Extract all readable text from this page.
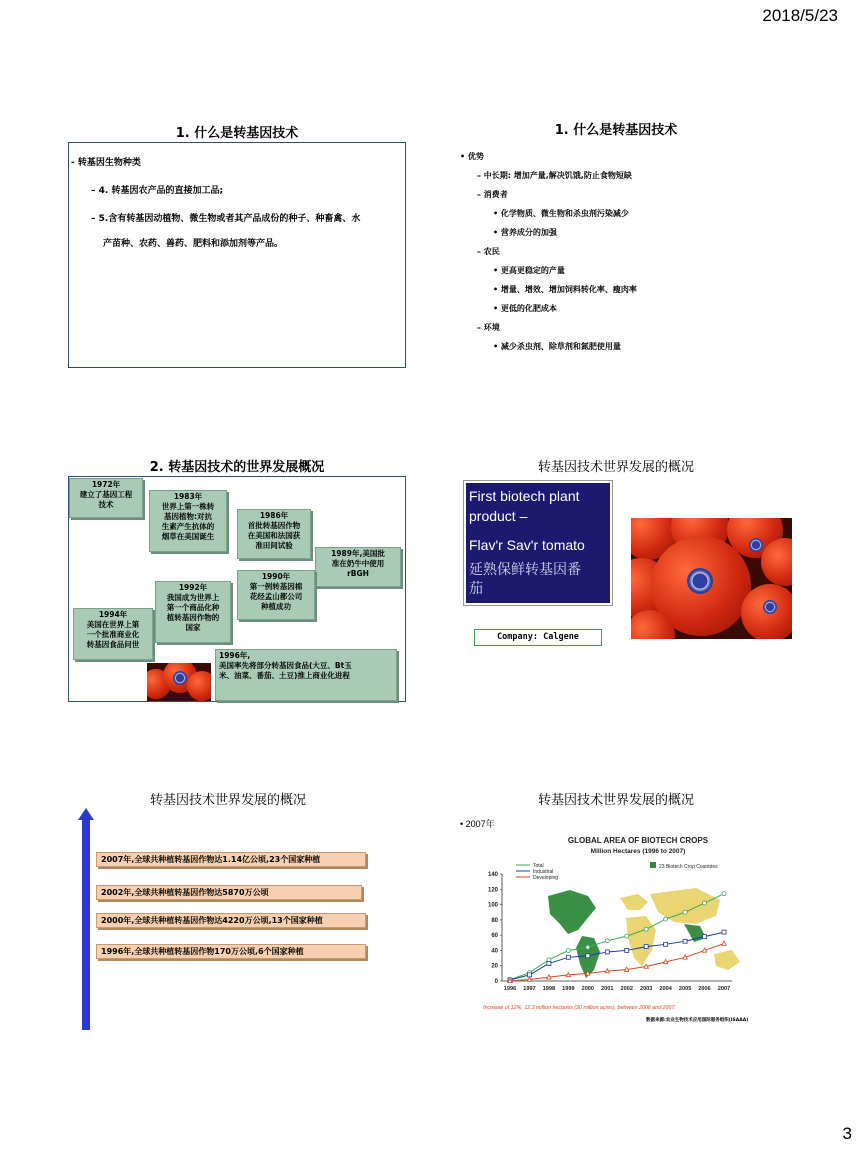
2018/5/23
3
1. 什么是转基因技术
- 转基因生物种类
– 4. 转基因农产品的直接加工品;
– 5.含有转基因动植物、微生物或者其产品成份的种子、种畜禽、水
产苗种、农药、兽药、肥料和添加剂等产品。
1. 什么是转基因技术
• 优势
– 中长期: 增加产量,解决饥饿,防止食物短缺
– 消费者
• 化学物质、微生物和杀虫剂污染减少
• 营养成分的加强
– 农民
• 更高更稳定的产量
• 增量、增效、增加饲料转化率、瘦肉率
• 更低的化肥成本
– 环境
• 减少杀虫剂、除草剂和氮肥使用量
2. 转基因技术的世界发展概况
1972年
建立了基因工程
技术
1983年
世界上第一株转
基因植物:对抗
生素产生抗体的
烟草在美国诞生
1986年
首批转基因作物
在美国和法国获
准田间试验
1989年,美国批
准在奶牛中使用
rBGH
1990年
第一例转基因棉
花经孟山都公司
种植成功
1992年
我国成为世界上
第一个商品化种
植转基因作物的
国家
1994年
美国在世界上第
一个批准商业化
转基因食品问世
1996年,
美国率先将部分转基因食品(大豆、Bt玉
米、油菜、番茄、土豆)推上商业化进程
转基因技术世界发展的概况
First biotech plant
product –
Flav'r Sav'r tomato
延熟保鲜转基因番
茄
Company: Calgene
转基因技术世界发展的概况
2007年,全球共种植转基因作物达1.14亿公顷,23个国家种植
2002年,全球共种植转基因作物达5870万公顷
2000年,全球共种植转基因作物达4220万公顷,13个国家种植
1996年,全球共种植转基因作物170万公顷,6个国家种植
转基因技术世界发展的概况
• 2007年
GLOBAL AREA OF BIOTECH CROPS
Million Hectares (1996 to 2007)
0
20
40
60
80
100
120
140
1996 1997 1998 1999 2000 2001 2002 2003 2004 2005 2006 2007
Total
Industrial
Developing
23 Biotech Crop Countries
Increase of 12%, 12.3 million hectares (30 million acres), between 2006 and 2007.
数据来源:农业生物技术应用国际服务组织(ISAAA)
